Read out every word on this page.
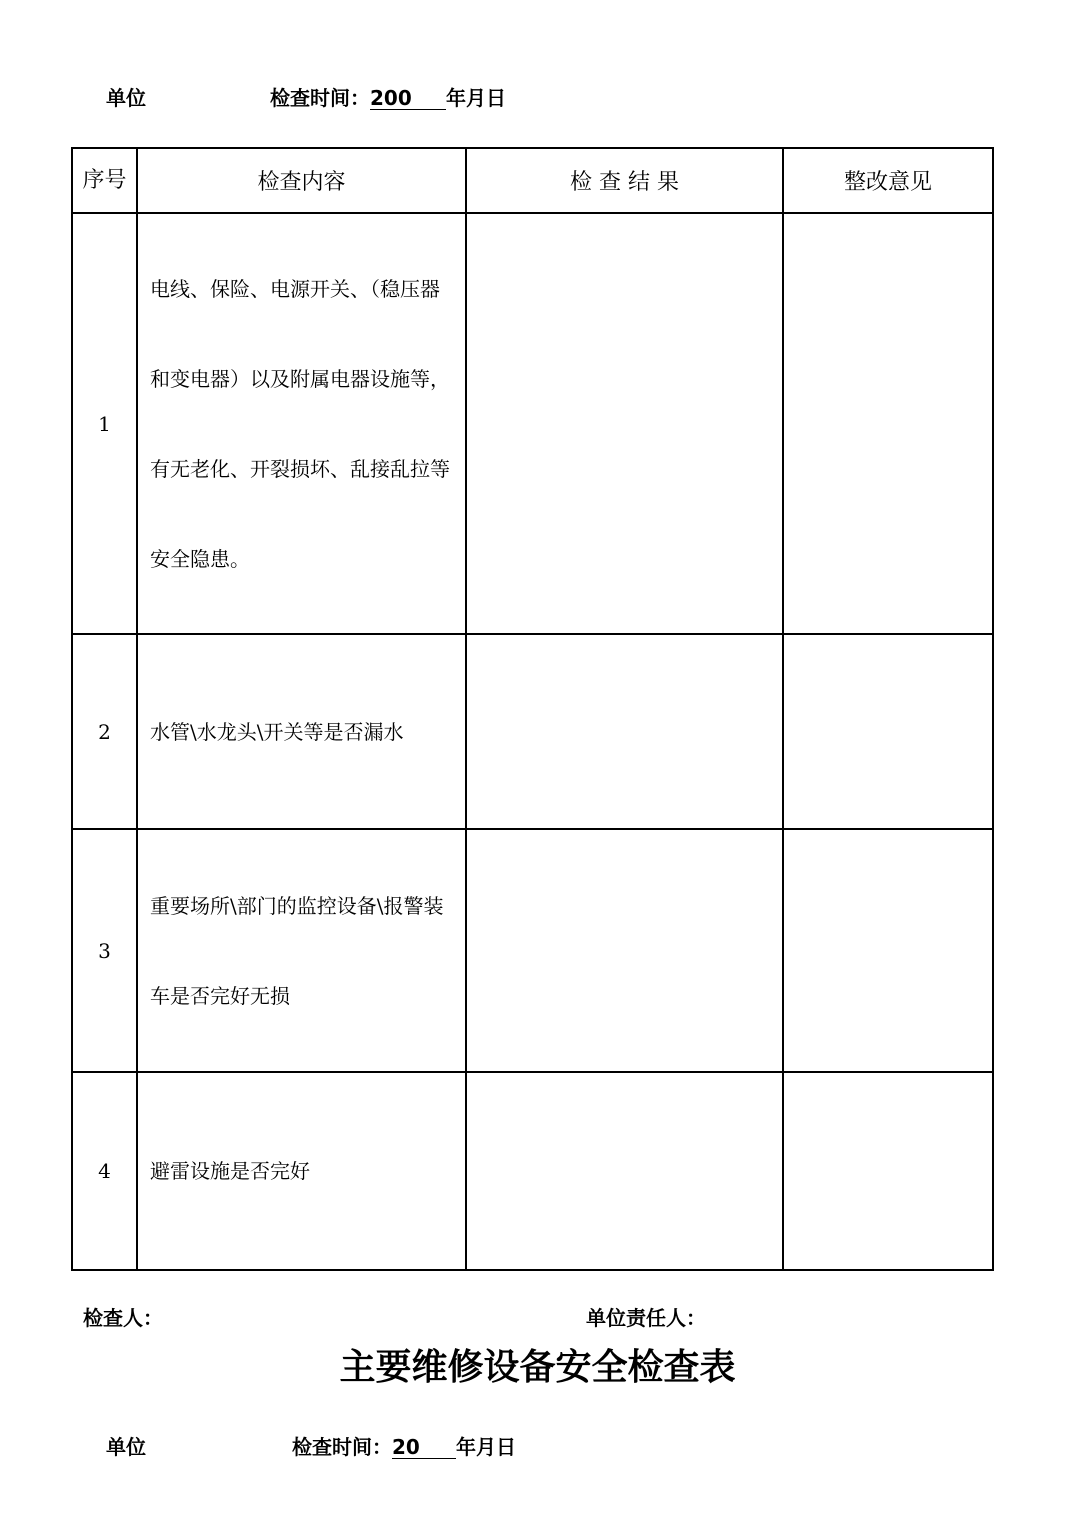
单位	检查时间：200 年月日
序号	检查内容	检 查 结 果	整改意见
1	电线、保险、电源开关、（稳压器和变电器）以及附属电器设施等，有无老化、开裂损坏、乱接乱拉等安全隐患。		
2	水管\水龙头\开关等是否漏水		
3	重要场所\部门的监控设备\报警装车是否完好无损		
4	避雷设施是否完好		
检查人：	单位责任人：
主要维修设备安全检查表
单位	检查时间：20 年月日
